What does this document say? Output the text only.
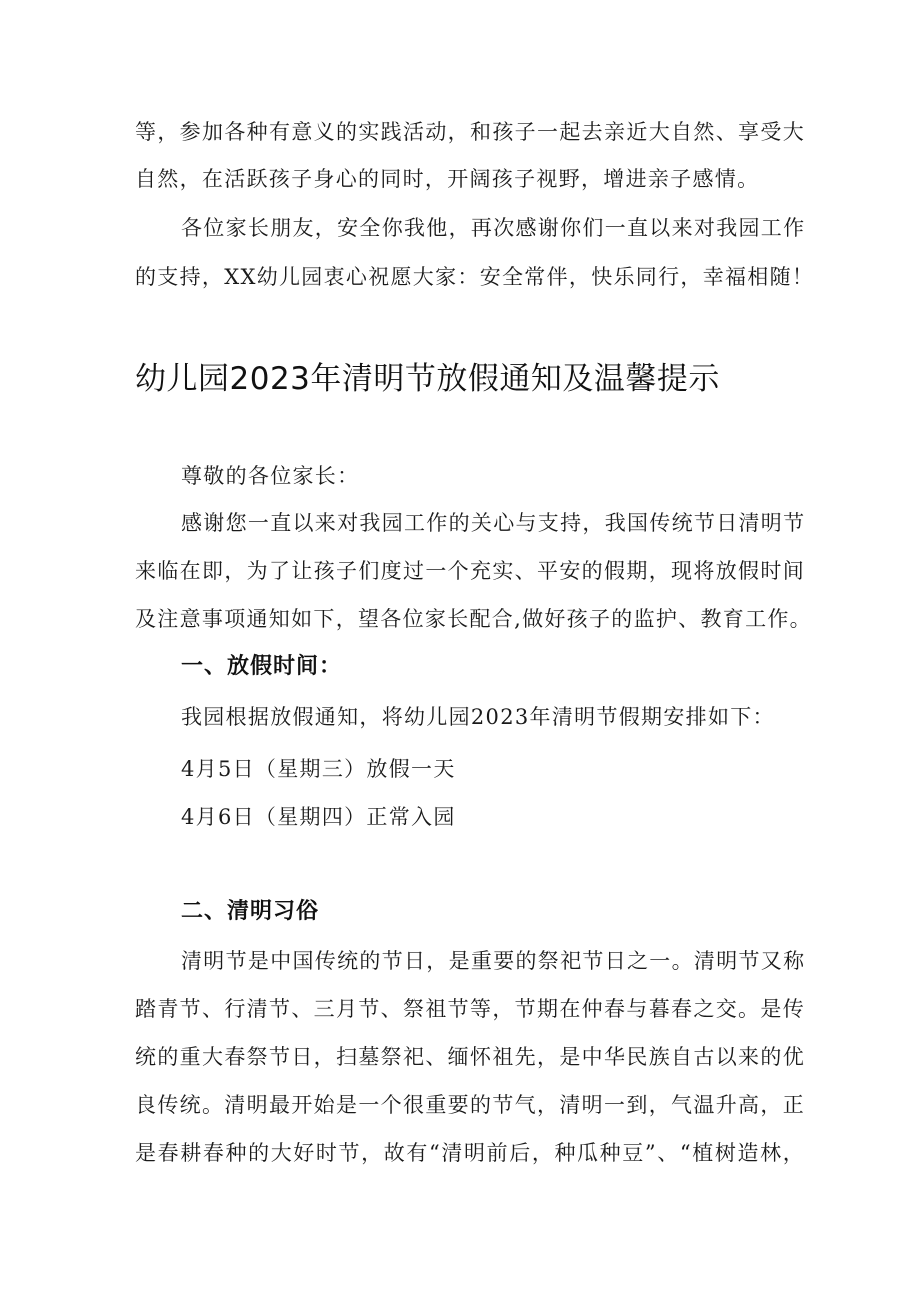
等，参加各种有意义的实践活动，和孩子一起去亲近大自然、享受大
自然，在活跃孩子身心的同时，开阔孩子视野，增进亲子感情。
各位家长朋友，安全你我他，再次感谢你们一直以来对我园工作
的支持，XX幼儿园衷心祝愿大家：安全常伴，快乐同行，幸福相随！
幼儿园2023年清明节放假通知及温馨提示
尊敬的各位家长：
感谢您一直以来对我园工作的关心与支持，我国传统节日清明节
来临在即，为了让孩子们度过一个充实、平安的假期，现将放假时间
及注意事项通知如下，望各位家长配合,做好孩子的监护、教育工作。
一、放假时间：
我园根据放假通知，将幼儿园2023年清明节假期安排如下：
4月5日（星期三）放假一天
4月6日（星期四）正常入园
二、清明习俗
清明节是中国传统的节日，是重要的祭祀节日之一。清明节又称
踏青节、行清节、三月节、祭祖节等，节期在仲春与暮春之交。是传
统的重大春祭节日，扫墓祭祀、缅怀祖先，是中华民族自古以来的优
良传统。清明最开始是一个很重要的节气，清明一到，气温升高，正
是春耕春种的大好时节，故有“清明前后，种瓜种豆”、“植树造林，
